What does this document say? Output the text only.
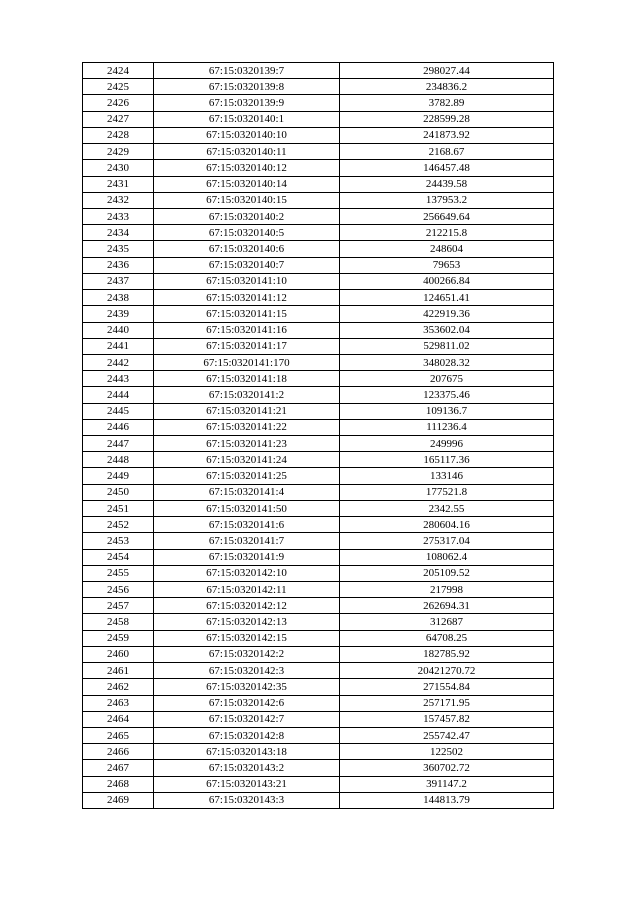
2424	67:15:0320139:7	298027.44
2425	67:15:0320139:8	234836.2
2426	67:15:0320139:9	3782.89
2427	67:15:0320140:1	228599.28
2428	67:15:0320140:10	241873.92
2429	67:15:0320140:11	2168.67
2430	67:15:0320140:12	146457.48
2431	67:15:0320140:14	24439.58
2432	67:15:0320140:15	137953.2
2433	67:15:0320140:2	256649.64
2434	67:15:0320140:5	212215.8
2435	67:15:0320140:6	248604
2436	67:15:0320140:7	79653
2437	67:15:0320141:10	400266.84
2438	67:15:0320141:12	124651.41
2439	67:15:0320141:15	422919.36
2440	67:15:0320141:16	353602.04
2441	67:15:0320141:17	529811.02
2442	67:15:0320141:170	348028.32
2443	67:15:0320141:18	207675
2444	67:15:0320141:2	123375.46
2445	67:15:0320141:21	109136.7
2446	67:15:0320141:22	111236.4
2447	67:15:0320141:23	249996
2448	67:15:0320141:24	165117.36
2449	67:15:0320141:25	133146
2450	67:15:0320141:4	177521.8
2451	67:15:0320141:50	2342.55
2452	67:15:0320141:6	280604.16
2453	67:15:0320141:7	275317.04
2454	67:15:0320141:9	108062.4
2455	67:15:0320142:10	205109.52
2456	67:15:0320142:11	217998
2457	67:15:0320142:12	262694.31
2458	67:15:0320142:13	312687
2459	67:15:0320142:15	64708.25
2460	67:15:0320142:2	182785.92
2461	67:15:0320142:3	20421270.72
2462	67:15:0320142:35	271554.84
2463	67:15:0320142:6	257171.95
2464	67:15:0320142:7	157457.82
2465	67:15:0320142:8	255742.47
2466	67:15:0320143:18	122502
2467	67:15:0320143:2	360702.72
2468	67:15:0320143:21	391147.2
2469	67:15:0320143:3	144813.79
